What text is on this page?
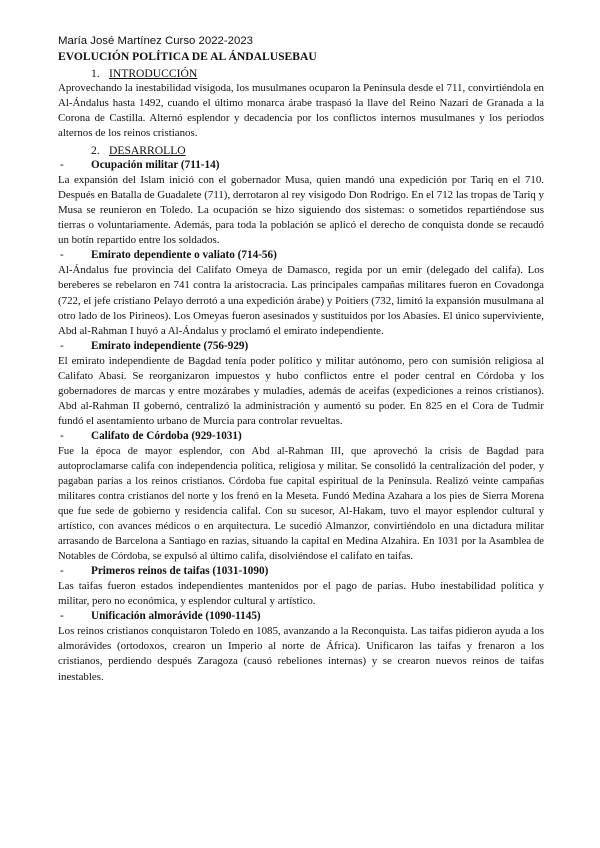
María José Martínez Curso 2022-2023

EVOLUCIÓN POLÍTICA DE AL ÁNDALUSEBAU

1. INTRODUCCIÓN

Aprovechando la inestabilidad visigoda, los musulmanes ocuparon la Península desde el 711, convirtiéndola en Al-Ándalus hasta 1492, cuando el último monarca árabe traspasó la llave del Reino Nazarí de Granada a la Corona de Castilla. Alternó esplendor y decadencia por los conflictos internos musulmanes y los periodos alternos de los reinos cristianos.

2. DESARROLLO

- Ocupación militar (711-14)

La expansión del Islam inició con el gobernador Musa, quien mandó una expedición por Tariq en el 710. Después en Batalla de Guadalete (711), derrotaron al rey visigodo Don Rodrigo. En el 712 las tropas de Tariq y Musa se reunieron en Toledo. La ocupación se hizo siguiendo dos sistemas: o sometidos repartiéndose sus tierras o voluntariamente. Además, para toda la población se aplicó el derecho de conquista donde se recaudó un botín repartido entre los soldados.

- Emirato dependiente o valiato (714-56)

Al-Ándalus fue provincia del Califato Omeya de Damasco, regida por un emir (delegado del califa). Los bereberes se rebelaron en 741 contra la aristocracia. Las principales campañas militares fueron en Covadonga (722, el jefe cristiano Pelayo derrotó a una expedición árabe) y Poitiers (732, limitó la expansión musulmana al otro lado de los Pirineos). Los Omeyas fueron asesinados y sustituidos por los Abasíes. El único superviviente, Abd al-Rahman I huyó a Al-Ándalus y proclamó el emirato independiente.

- Emirato independiente (756-929)

El emirato independiente de Bagdad tenía poder político y militar autónomo, pero con sumisión religiosa al Califato Abasí. Se reorganizaron impuestos y hubo conflictos entre el poder central en Córdoba y los gobernadores de marcas y entre mozárabes y muladíes, además de aceifas (expediciones a reinos cristianos). Abd al-Rahman II gobernó, centralizó la administración y aumentó su poder. En 825 en el Cora de Tudmir fundó el asentamiento urbano de Murcia para controlar revueltas.

- Califato de Córdoba (929-1031)

Fue la época de mayor esplendor, con Abd al-Rahman III, que aprovechó la crisis de Bagdad para autoproclamarse califa con independencia política, religiosa y militar. Se consolidó la centralización del poder, y pagaban parias a los reinos cristianos. Córdoba fue capital espiritual de la Península. Realizó veinte campañas militares contra cristianos del norte y los frenó en la Meseta. Fundó Medina Azahara a los pies de Sierra Morena que fue sede de gobierno y residencia califal. Con su sucesor, Al-Hakam, tuvo el mayor esplendor cultural y artístico, con avances médicos o en arquitectura. Le sucedió Almanzor, convirtiéndolo en una dictadura militar arrasando de Barcelona a Santiago en razias, situando la capital en Medina Alzahira. En 1031 por la Asamblea de Notables de Córdoba, se expulsó al último califa, disolviéndose el califato en taifas.

- Primeros reinos de taifas (1031-1090)

Las taifas fueron estados independientes mantenidos por el pago de parias. Hubo inestabilidad política y militar, pero no económica, y esplendor cultural y artístico.

- Unificación almorávide (1090-1145)

Los reinos cristianos conquistaron Toledo en 1085, avanzando a la Reconquista. Las taifas pidieron ayuda a los almorávides (ortodoxos, crearon un Imperio al norte de África). Unificaron las taifas y frenaron a los cristianos, perdiendo después Zaragoza (causó rebeliones internas) y se crearon nuevos reinos de taifas inestables.
